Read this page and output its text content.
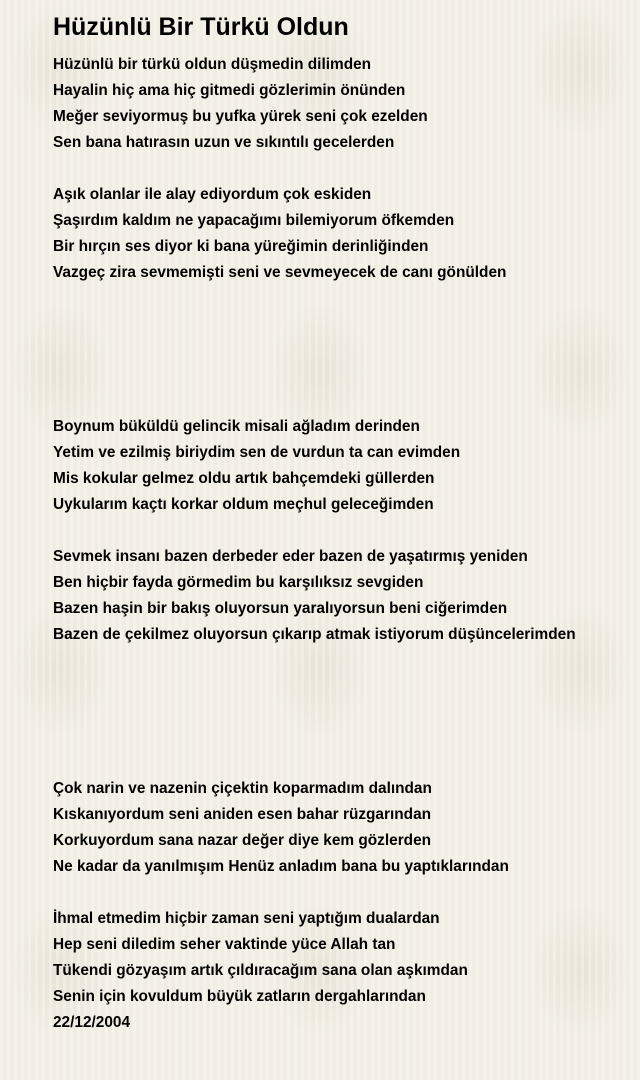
Hüzünlü Bir Türkü Oldun
Hüzünlü bir türkü oldun düşmedin dilimden
Hayalin hiç ama hiç gitmedi gözlerimin önünden
Meğer seviyormuş bu yufka yürek seni çok ezelden
Sen bana hatırasın uzun ve sıkıntılı gecelerden
Aşık olanlar ile alay ediyordum çok eskiden
Şaşırdım kaldım ne yapacağımı bilemiyorum öfkemden
Bir hırçın ses diyor ki bana yüreğimin derinliğinden
Vazgeç zira sevmemişti seni ve sevmeyecek de canı gönülden
Boynum büküldü gelincik misali ağladım derinden
Yetim ve ezilmiş biriydim sen de vurdun ta can evimden
Mis kokular gelmez oldu artık bahçemdeki güllerden
Uykularım kaçtı korkar oldum meçhul geleceğimden
Sevmek insanı bazen derbeder eder bazen de yaşatırmış yeniden
Ben hiçbir fayda görmedim bu karşılıksız sevgiden
Bazen haşin bir bakış oluyorsun yaralıyorsun beni ciğerimden
Bazen de çekilmez oluyorsun çıkarıp atmak istiyorum düşüncelerimden
Çok narin ve nazenin çiçektin koparmadım dalından
Kıskanıyordum seni aniden esen bahar rüzgarından
Korkuyordum sana nazar değer diye kem gözlerden
Ne kadar da yanılmışım Henüz anladım bana bu yaptıklarından
İhmal etmedim hiçbir zaman seni yaptığım dualardan
Hep seni diledim seher vaktinde yüce Allah tan
Tükendi gözyaşım artık çıldıracağım sana olan aşkımdan
Senin için kovuldum büyük zatların dergahlarından
22/12/2004
